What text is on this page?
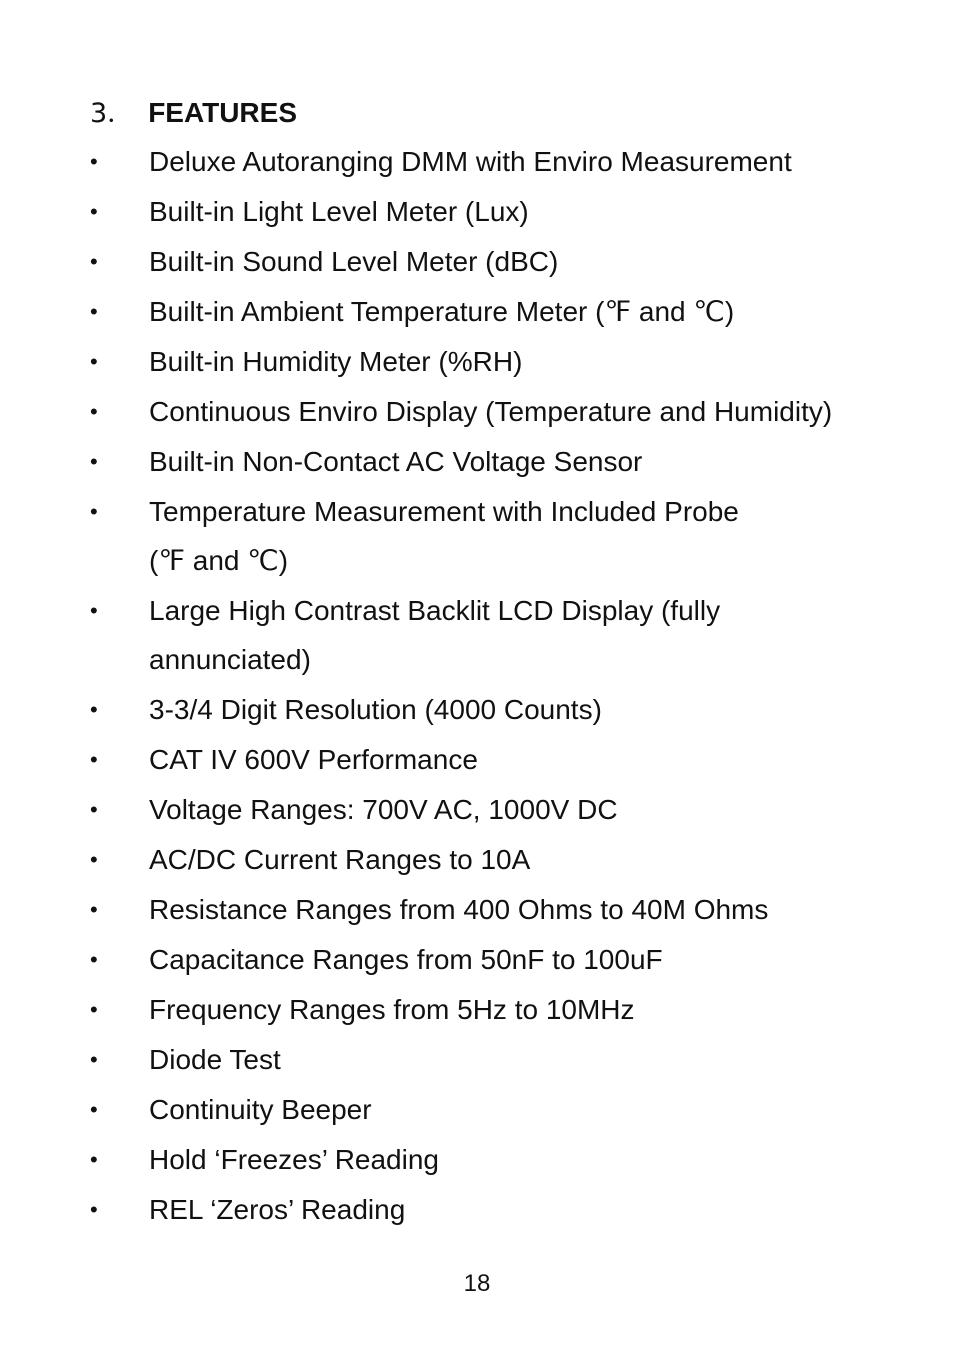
3． FEATURES
• Deluxe Autoranging DMM with Enviro Measurement
• Built-in Light Level Meter (Lux)
• Built-in Sound Level Meter (dBC)
• Built-in Ambient Temperature Meter (℉ and ℃)
• Built-in Humidity Meter (%RH)
• Continuous Enviro Display (Temperature and Humidity)
• Built-in Non-Contact AC Voltage Sensor
• Temperature Measurement with Included Probe
(℉ and ℃)
• Large High Contrast Backlit LCD Display (fully
annunciated)
• 3-3/4 Digit Resolution (4000 Counts)
• CAT IV 600V Performance
• Voltage Ranges: 700V AC, 1000V DC
• AC/DC Current Ranges to 10A
• Resistance Ranges from 400 Ohms to 40M Ohms
• Capacitance Ranges from 50nF to 100uF
• Frequency Ranges from 5Hz to 10MHz
• Diode Test
• Continuity Beeper
• Hold ‘Freezes’ Reading
• REL ‘Zeros’ Reading
18
